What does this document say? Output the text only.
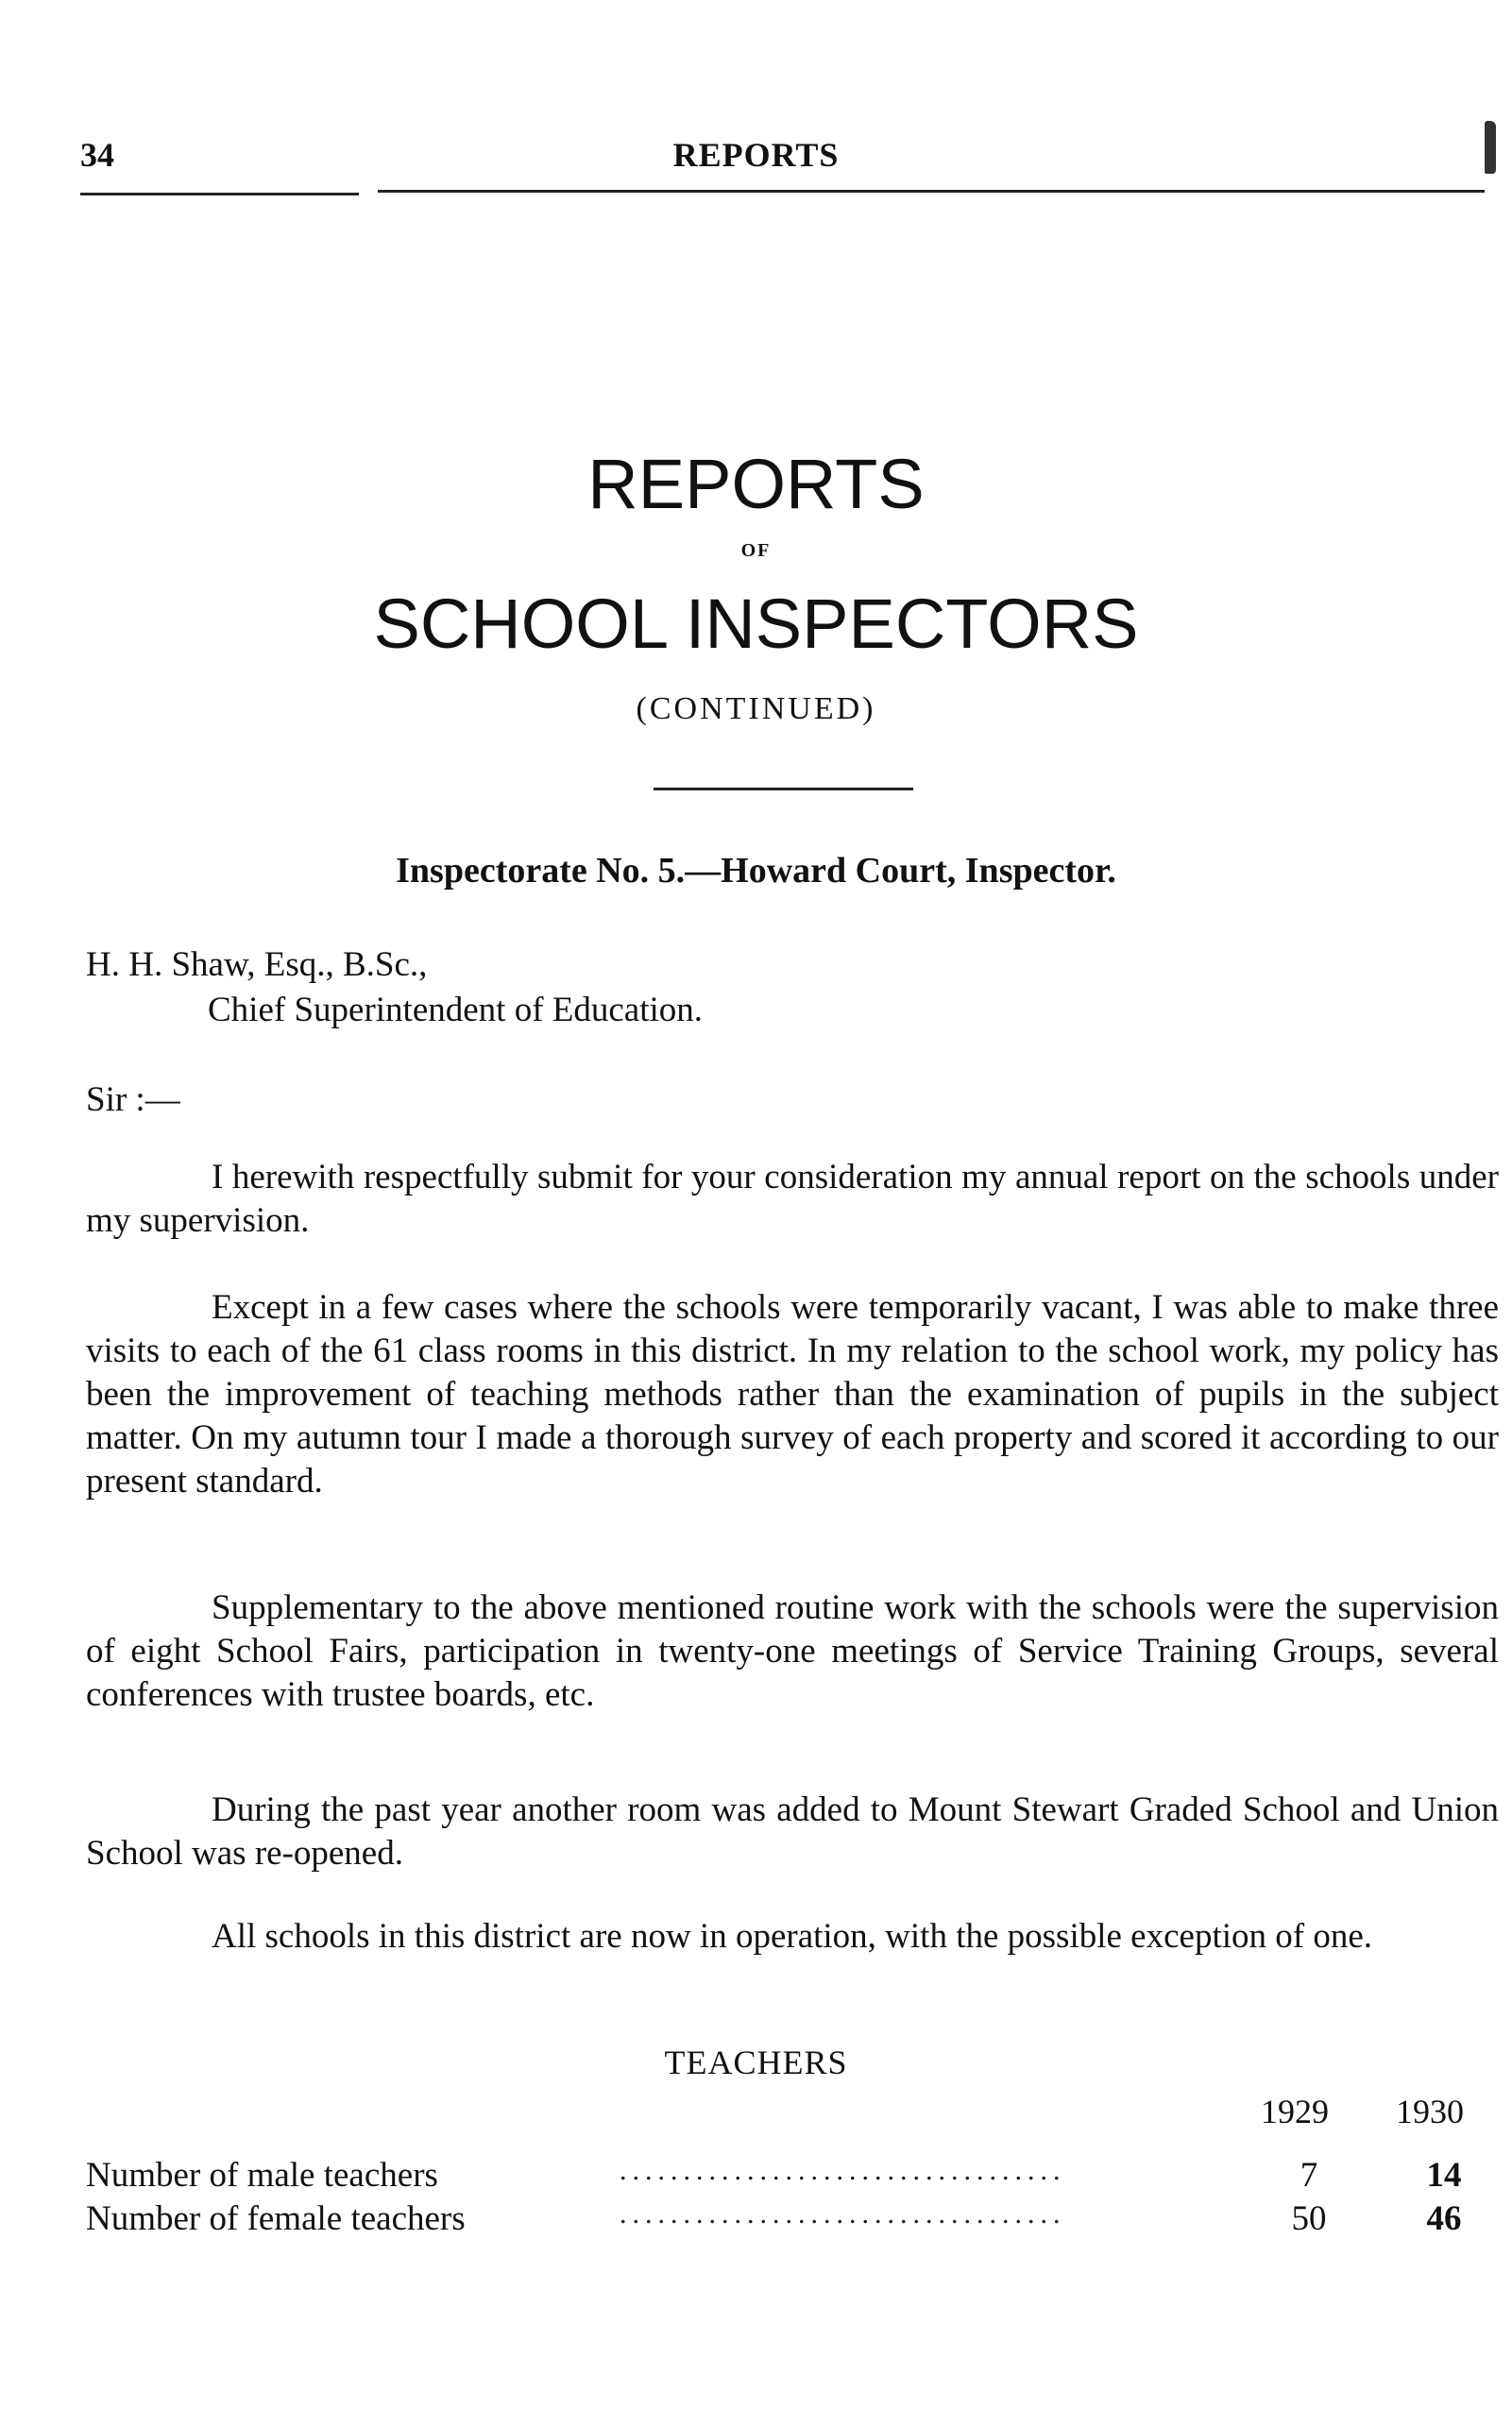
34	REPORTS
REPORTS
OF
SCHOOL INSPECTORS
(CONTINUED)
Inspectorate No. 5.—Howard Court, Inspector.
H. H. Shaw, Esq., B.Sc.,
Chief Superintendent of Education.
Sir :—

I herewith respectfully submit for your consideration my annual report on the schools under my supervision.

Except in a few cases where the schools were temporarily vacant, I was able to make three visits to each of the 61 class rooms in this district. In my relation to the school work, my policy has been the improvement of teaching methods rather than the examination of pupils in the subject matter. On my autumn tour I made a thorough survey of each property and scored it according to our present standard.

Supplementary to the above mentioned routine work with the schools were the supervision of eight School Fairs, participation in twenty-one meetings of Service Training Groups, several conferences with trustee boards, etc.

During the past year another room was added to Mount Stewart Graded School and Union School was re-opened.

All schools in this district are now in operation, with the possible exception of one.

TEACHERS
1929	1930
Number of male teachers	...................................	7	14
Number of female teachers	...................................	50	46
